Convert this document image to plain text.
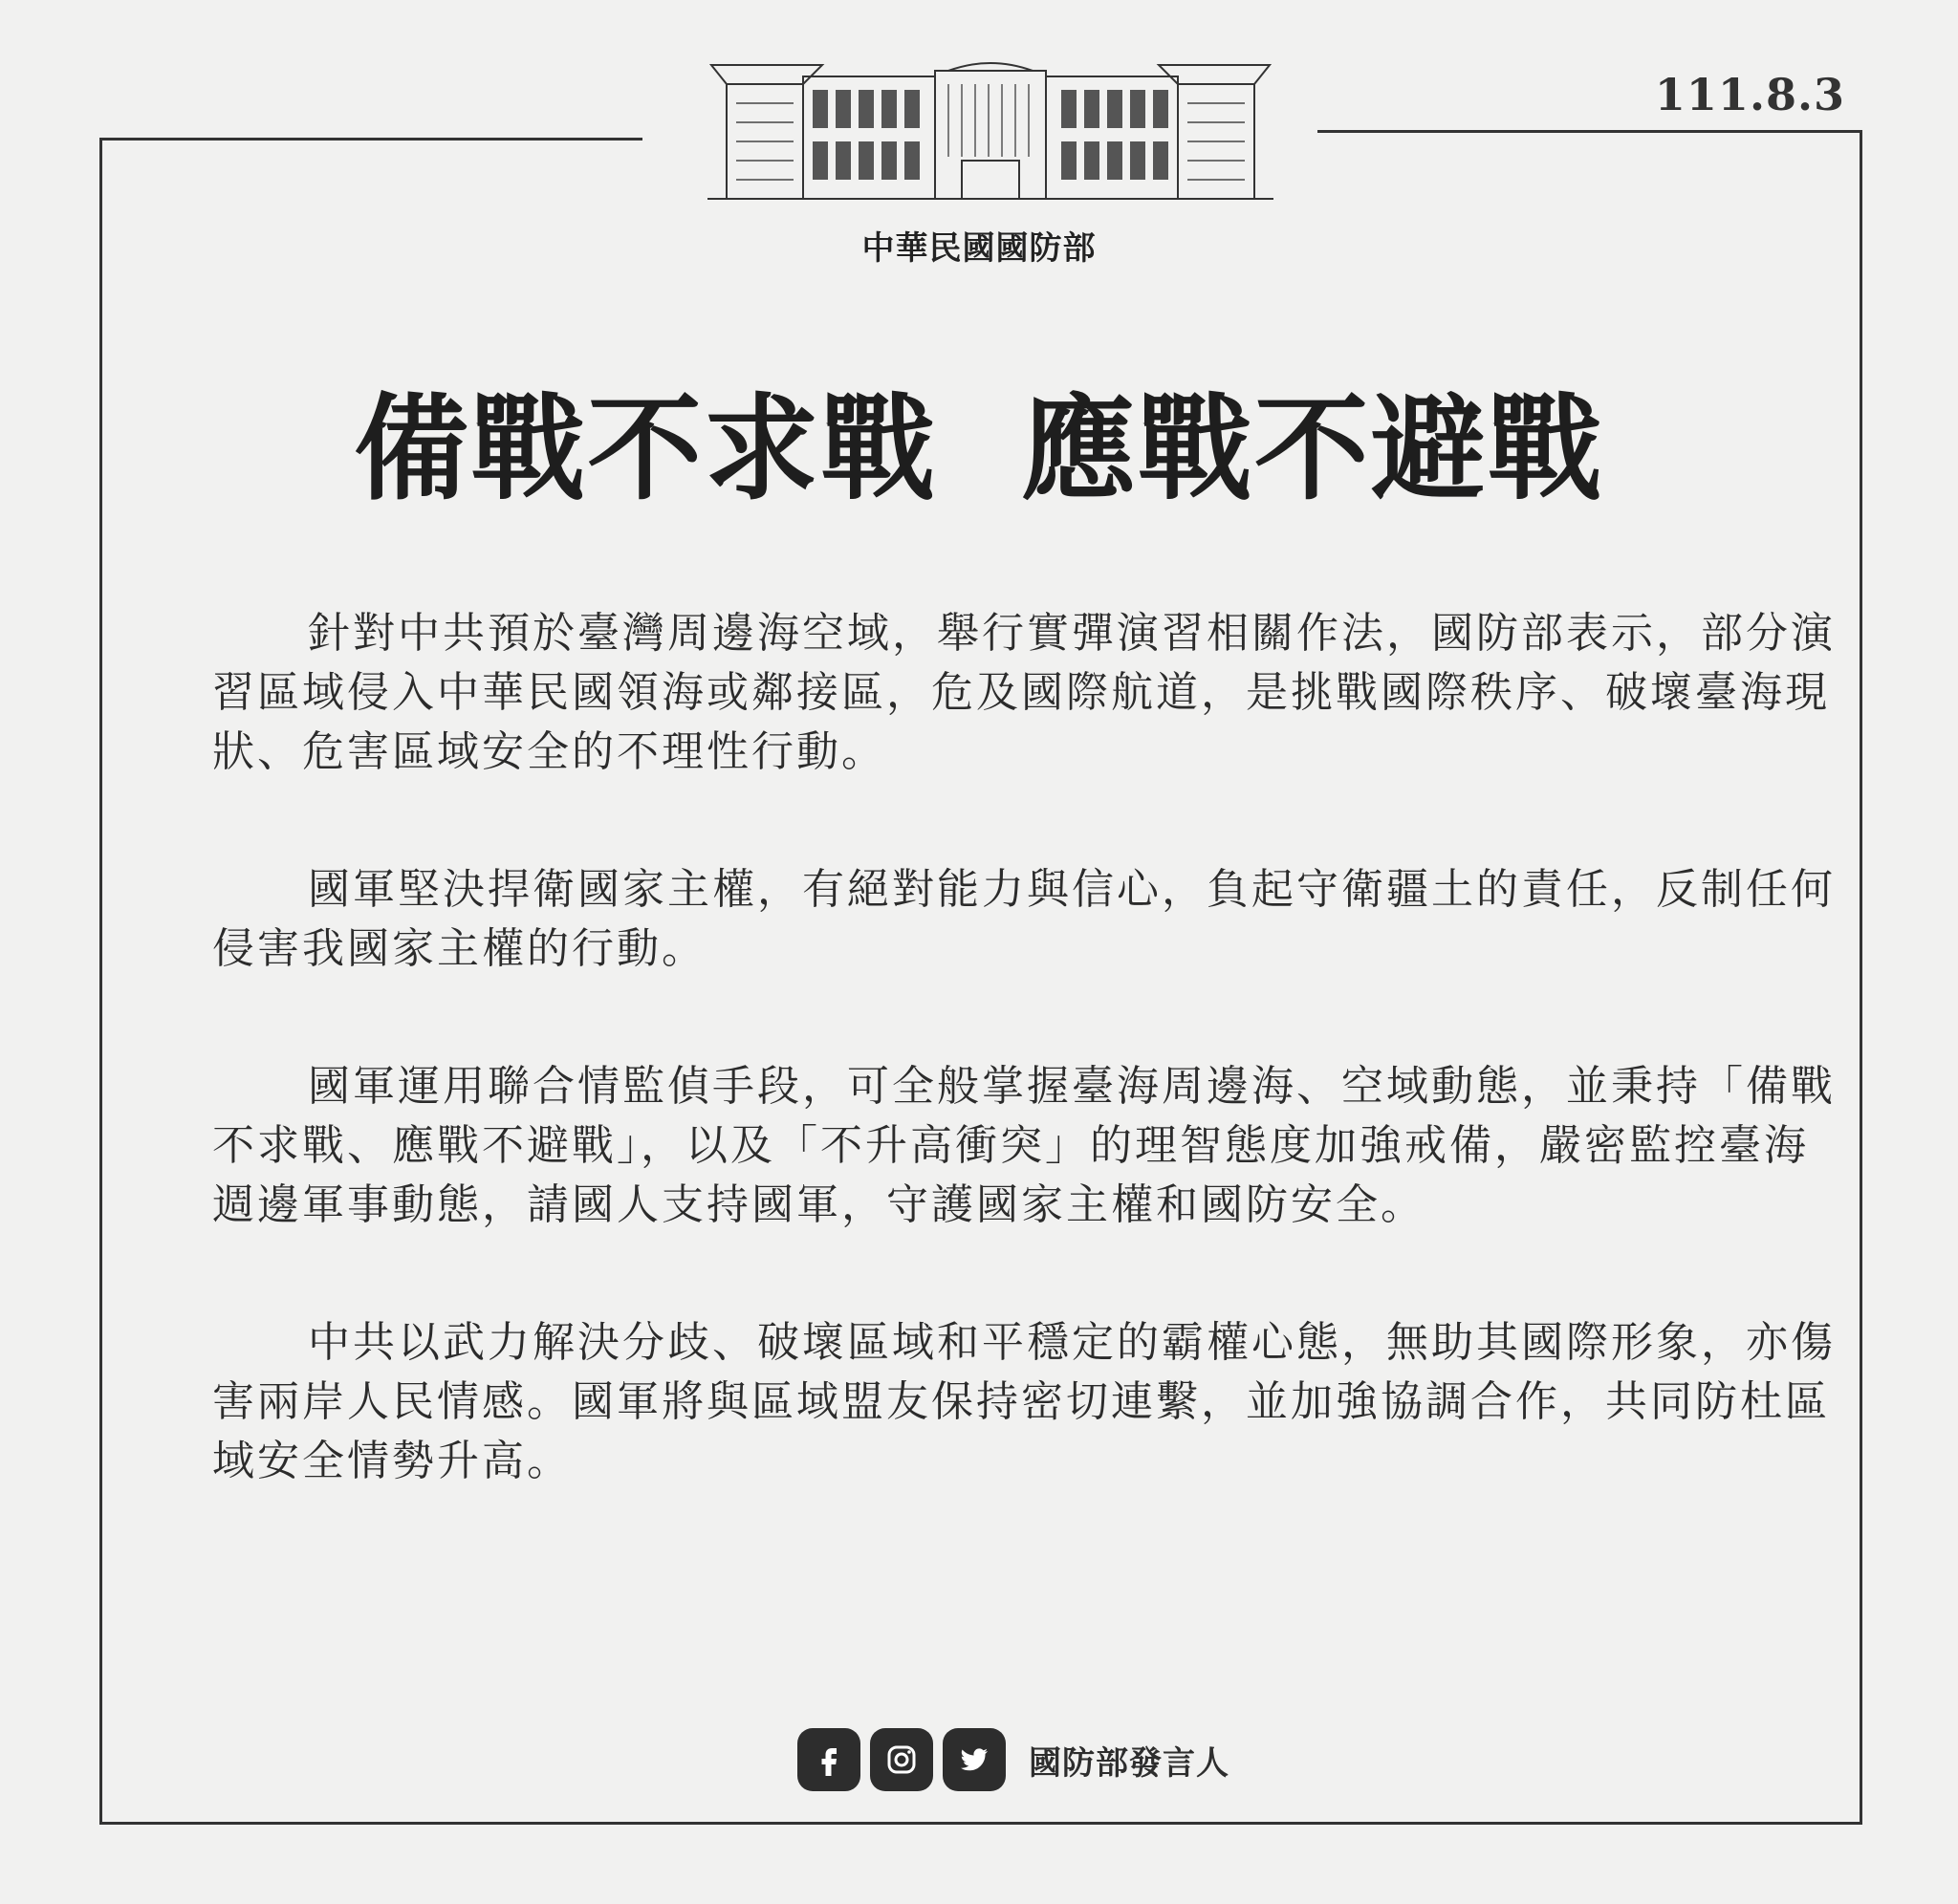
111.8.3
中華民國國防部
備戰不求戰  應戰不避戰

針對中共預於臺灣周邊海空域，舉行實彈演習相關作法，國防部表示，部分演習區域侵入中華民國領海或鄰接區，危及國際航道，是挑戰國際秩序、破壞臺海現狀、危害區域安全的不理性行動。

國軍堅決捍衛國家主權，有絕對能力與信心，負起守衛疆土的責任，反制任何侵害我國家主權的行動。

國軍運用聯合情監偵手段，可全般掌握臺海周邊海、空域動態，並秉持「備戰不求戰、應戰不避戰」，以及「不升高衝突」的理智態度加強戒備，嚴密監控臺海週邊軍事動態，請國人支持國軍，守護國家主權和國防安全。

中共以武力解決分歧、破壞區域和平穩定的霸權心態，無助其國際形象，亦傷害兩岸人民情感。國軍將與區域盟友保持密切連繫，並加強協調合作，共同防杜區域安全情勢升高。

國防部發言人
